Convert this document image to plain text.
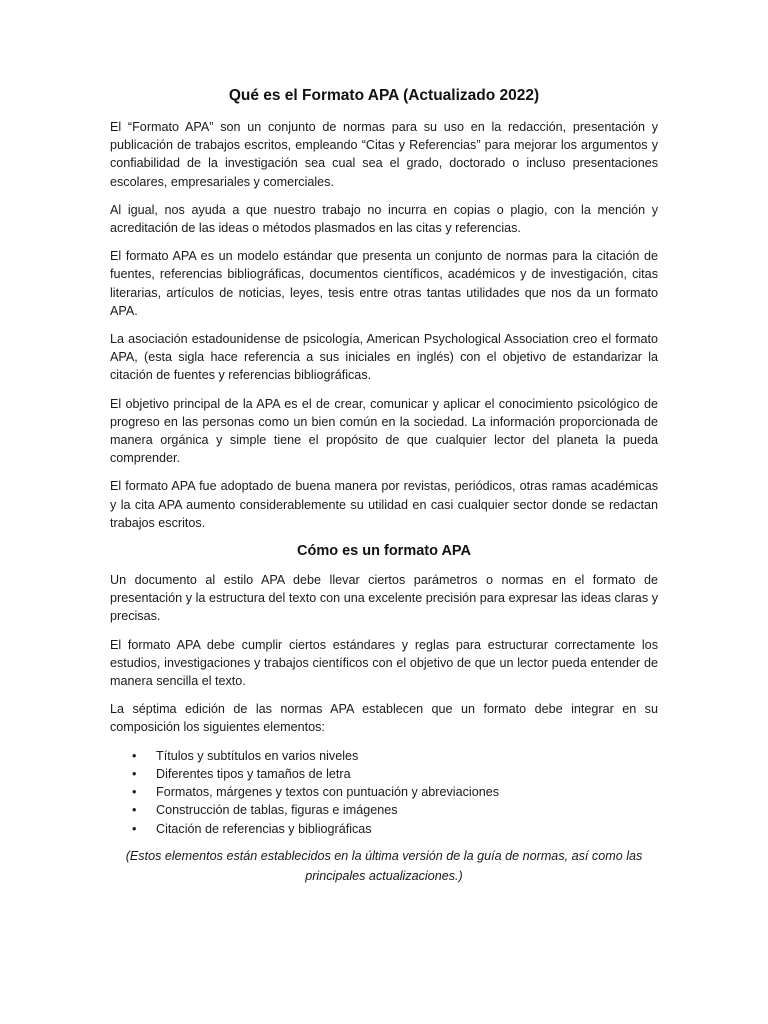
Qué es el Formato APA (Actualizado 2022)

El “Formato APA” son un conjunto de normas para su uso en la redacción, presentación y publicación de trabajos escritos, empleando “Citas y Referencias” para mejorar los argumentos y confiabilidad de la investigación sea cual sea el grado, doctorado o incluso presentaciones escolares, empresariales y comerciales.

Al igual, nos ayuda a que nuestro trabajo no incurra en copias o plagio, con la mención y acreditación de las ideas o métodos plasmados en las citas y referencias.

El formato APA es un modelo estándar que presenta un conjunto de normas para la citación de fuentes, referencias bibliográficas, documentos científicos, académicos y de investigación, citas literarias, artículos de noticias, leyes, tesis entre otras tantas utilidades que nos da un formato APA.

La asociación estadounidense de psicología, American Psychological Association creo el formato APA, (esta sigla hace referencia a sus iniciales en inglés) con el objetivo de estandarizar la citación de fuentes y referencias bibliográficas.

El objetivo principal de la APA es el de crear, comunicar y aplicar el conocimiento psicológico de progreso en las personas como un bien común en la sociedad. La información proporcionada de manera orgánica y simple tiene el propósito de que cualquier lector del planeta la pueda comprender.

El formato APA fue adoptado de buena manera por revistas, periódicos, otras ramas académicas y la cita APA aumento considerablemente su utilidad en casi cualquier sector donde se redactan trabajos escritos.

Cómo es un formato APA

Un documento al estilo APA debe llevar ciertos parámetros o normas en el formato de presentación y la estructura del texto con una excelente precisión para expresar las ideas claras y precisas.

El formato APA debe cumplir ciertos estándares y reglas para estructurar correctamente los estudios, investigaciones y trabajos científicos con el objetivo de que un lector pueda entender de manera sencilla el texto.

La séptima edición de las normas APA establecen que un formato debe integrar en su composición los siguientes elementos:

• Títulos y subtítulos en varios niveles
• Diferentes tipos y tamaños de letra
• Formatos, márgenes y textos con puntuación y abreviaciones
• Construcción de tablas, figuras e imágenes
• Citación de referencias y bibliográficas

(Estos elementos están establecidos en la última versión de la guía de normas, así como las principales actualizaciones.)
